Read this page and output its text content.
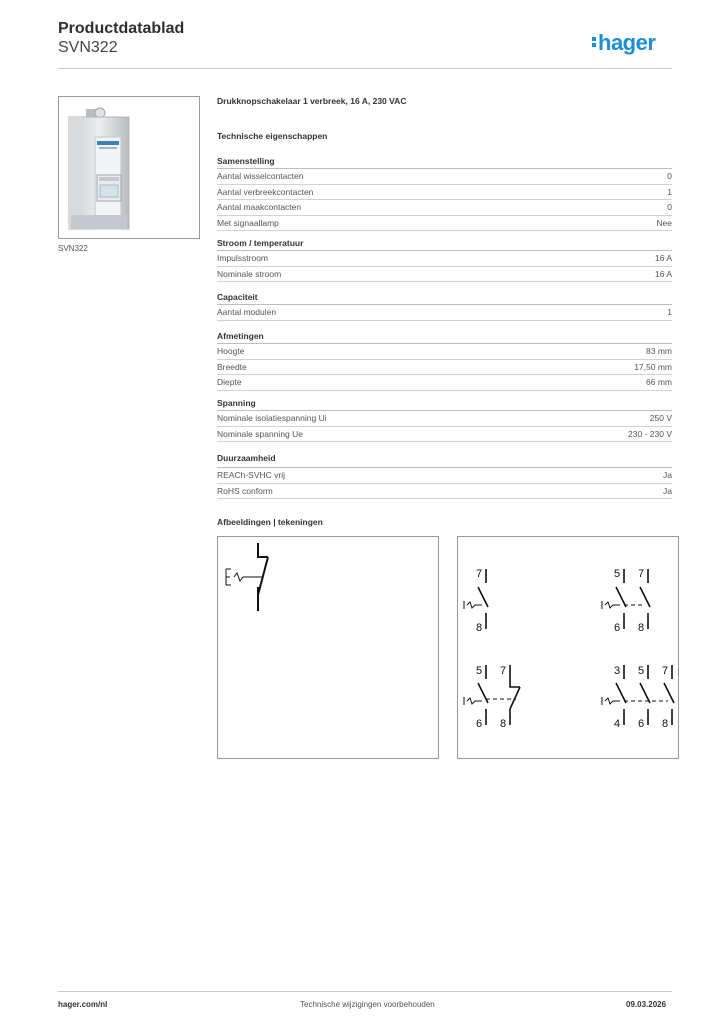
Productdatablad
SVN322	hager
SVN322
Drukknopschakelaar 1 verbreek, 16 A, 230 VAC
Technische eigenschappen
Samenstelling
Aantal wisselcontacten	0
Aantal verbreekcontacten	1
Aantal maakcontacten	0
Met signaallamp	Nee
Stroom / temperatuur
Impulsstroom	16 A
Nominale stroom	16 A
Capaciteit
Aantal modulen	1
Afmetingen
Hoogte	83 mm
Breedte	17,50 mm
Diepte	66 mm
Spanning
Nominale isolatiespanning Ui	250 V
Nominale spanning Ue	230 - 230 V
Duurzaamheid
REACh-SVHC vrij	Ja
RoHS conform	Ja
Afbeeldingen | tekeningen
7
8
5 7
6 8
5 7
6 8
3 5 7
4 6 8
hager.com/nl	Technische wijzigingen voorbehouden	09.03.2026
